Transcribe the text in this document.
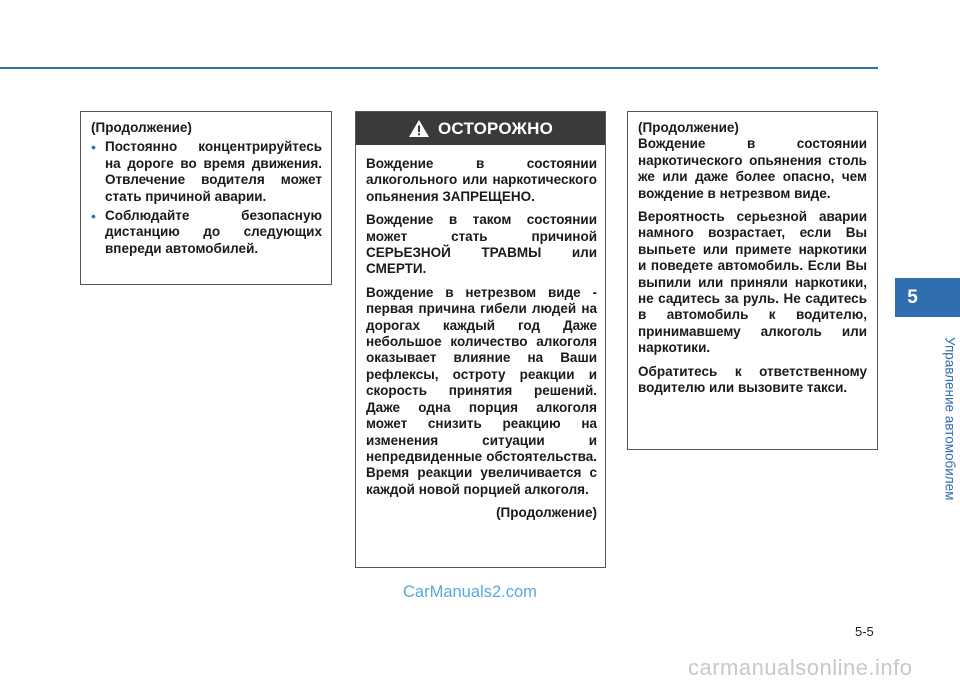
(Продолжение)

• Постоянно концентрируйтесь на дороге во время движения. Отвлечение водителя может стать причиной аварии.

• Соблюдайте безопасную дистанцию до следующих впереди автомобилей.

ОСТОРОЖНО

Вождение в состоянии алкогольного или наркотического опьянения ЗАПРЕЩЕНО.

Вождение в таком состоянии может стать причиной СЕРЬЕЗНОЙ ТРАВМЫ или СМЕРТИ.

Вождение в нетрезвом виде - первая причина гибели людей на дорогах каждый год Даже небольшое количество алкоголя оказывает влияние на Ваши рефлексы, остроту реакции и скорость принятия решений. Даже одна порция алкоголя может снизить реакцию на изменения ситуации и непредвиденные обстоятельства. Время реакции увеличивается с каждой новой порцией алкоголя.

(Продолжение)

(Продолжение)

Вождение в состоянии наркотического опьянения столь же или даже более опасно, чем вождение в нетрезвом виде.

Вероятность серьезной аварии намного возрастает, если Вы выпьете или примете наркотики и поведете автомобиль. Если Вы выпили или приняли наркотики, не садитесь за руль. Не садитесь в автомобиль к водителю, принимавшему алкоголь или наркотики.

Обратитесь к ответственному водителю или вызовите такси.

5
Управление автомобилем
CarManuals2.com
5-5
carmanualsonline.info
